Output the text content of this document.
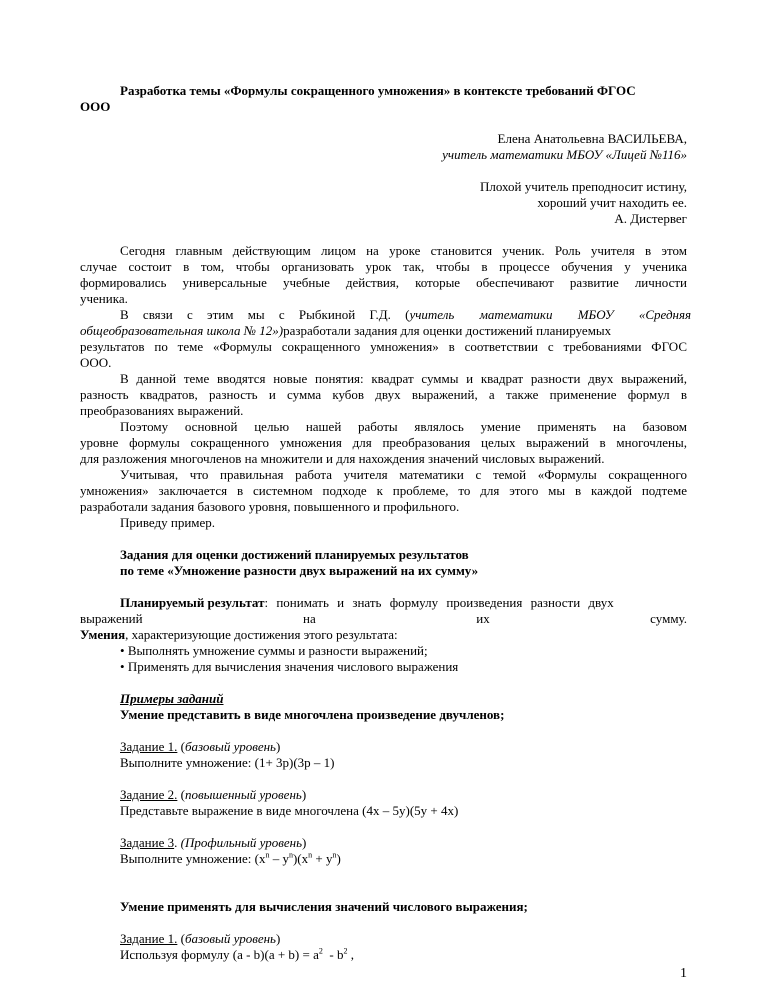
Разработка темы «Формулы сокращенного умножения» в контексте требований ФГОС
ООО
Елена Анатольевна ВАСИЛЬЕВА,
учитель математики МБОУ «Лицей №116»
Плохой учитель преподносит истину,
хороший учит находить ее.
А. Дистервег
Сегодня главным действующим лицом на уроке становится ученик. Роль учителя в этом
случае состоит в том, чтобы организовать урок так, чтобы в процессе обучения у ученика
формировались универсальные учебные действия, которые обеспечивают развитие личности
ученика.
В связи с этим мы с Рыбкиной Г.Д. ( учитель математики МБОУ «Средняя
общеобразовательная школа № 12»)разработали задания для оценки достижений планируемых
результатов по теме «Формулы сокращенного умножения» в соответствии с требованиями ФГОС
ООО.
В данной теме вводятся новые понятия: квадрат суммы и квадрат разности двух выражений,
разность квадратов, разность и сумма кубов двух выражений, а также применение формул в
преобразованиях выражений.
Поэтому основной целью нашей работы являлось умение применять на базовом
уровне формулы сокращенного умножения для преобразования целых выражений в многочлены,
для разложения многочленов на множители и для нахождения значений числовых выражений.
Учитывая, что правильная работа учителя математики с темой «Формулы сокращенного
умножения» заключается в системном подходе к проблеме, то для этого мы в каждой подтеме
разработали задания базового уровня, повышенного и профильного.
Приведу пример.
Задания для оценки достижений планируемых результатов
по теме «Умножение разности двух выражений на их сумму»
Планируемый результат: понимать и знать формулу произведения разности двух
выражений на их сумму.
Умения, характеризующие достижения этого результата:
• Выполнять умножение суммы и разности выражений;
• Применять для вычисления значения числового выражения
Примеры заданий
Умение представить в виде многочлена произведение двучленов;
Задание 1. (базовый уровень)
Выполните умножение: (1+ 3p)(3p – 1)
Задание 2. (повышенный уровень)
Представьте выражение в виде многочлена (4x – 5y)(5y + 4x)
Задание 3. (Профильный уровень)
Выполните умножение: $(x^n - y^n)(x^n + y^n)$
Умение применять для вычисления значений числового выражения;
Задание 1. (базовый уровень)
Используя формулу $(a - b)(a + b) = a^2 - b^2$ ,
1
